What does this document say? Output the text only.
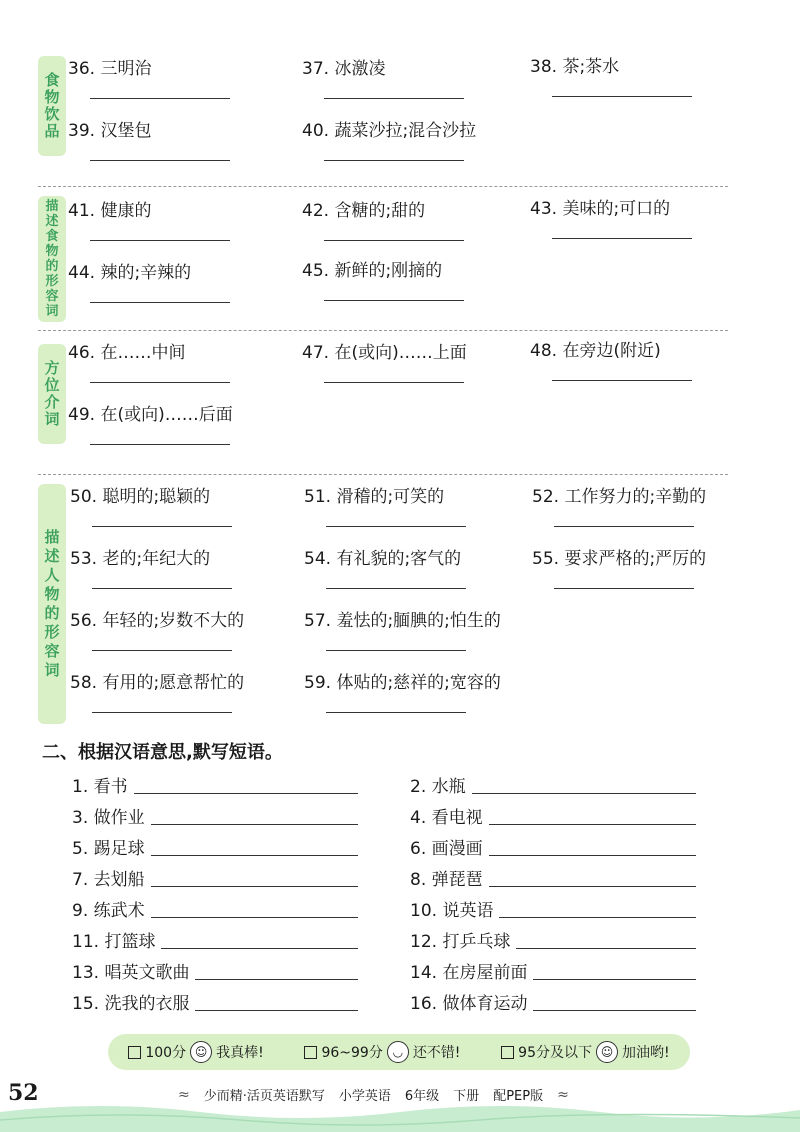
食物饮品
36. 三明治	37. 冰激凌	38. 茶;茶水
39. 汉堡包	40. 蔬菜沙拉;混合沙拉
描述食物的形容词
41. 健康的	42. 含糖的;甜的	43. 美味的;可口的
44. 辣的;辛辣的	45. 新鲜的;刚摘的
方位介词
46. 在……中间	47. 在(或向)……上面	48. 在旁边(附近)
49. 在(或向)……后面
描述人物的形容词
50. 聪明的;聪颖的	51. 滑稽的;可笑的	52. 工作努力的;辛勤的
53. 老的;年纪大的	54. 有礼貌的;客气的	55. 要求严格的;严厉的
56. 年轻的;岁数不大的	57. 羞怯的;腼腆的;怕生的
58. 有用的;愿意帮忙的	59. 体贴的;慈祥的;宽容的
二、根据汉语意思,默写短语。
1. 看书	2. 水瓶
3. 做作业	4. 看电视
5. 踢足球	6. 画漫画
7. 去划船	8. 弹琵琶
9. 练武术	10. 说英语
11. 打篮球	12. 打乒乓球
13. 唱英文歌曲	14. 在房屋前面
15. 洗我的衣服	16. 做体育运动
100分 ☺ 我真棒!	96~99分 ◡ 还不错!	95分及以下 ☺ 加油哟!
52	≈ 少而精·活页英语默写 小学英语 6年级 下册 配PEP版 ≈
